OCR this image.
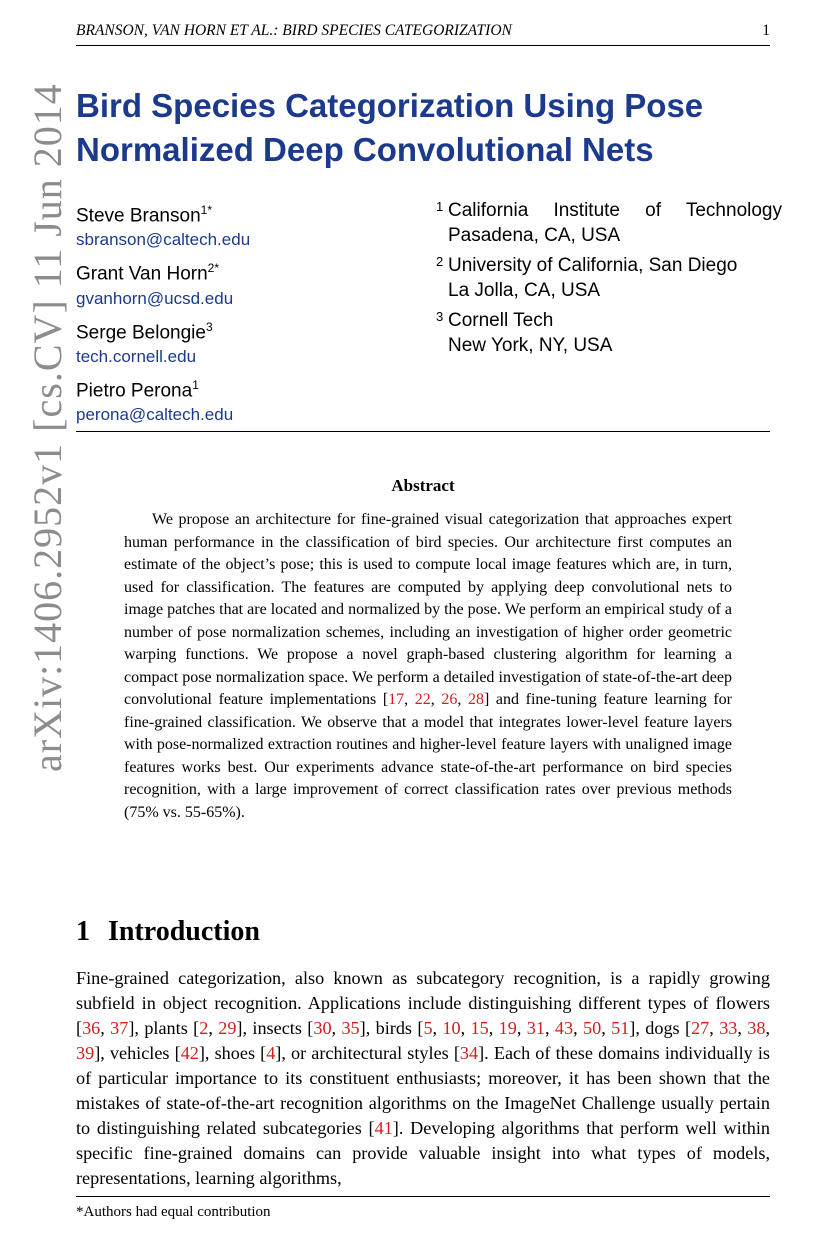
BRANSON, VAN HORN ET AL.: BIRD SPECIES CATEGORIZATION	1
arXiv:1406.2952v1 [cs.CV] 11 Jun 2014 Bird Species Categorization Using Pose
Normalized Deep Convolutional Nets
Steve Branson$^{1*}$
sbranson@caltech.edu
Grant Van Horn$^{2*}$
gvanhorn@ucsd.edu
Serge Belongie$^3$
tech.cornell.edu
Pietro Perona$^1$
perona@caltech.edu
1 California Institute of Technology
Pasadena, CA, USA
2 University of California, San Diego
La Jolla, CA, USA
3 Cornell Tech
New York, NY, USA
Abstract

We propose an architecture for fine-grained visual categorization that approaches expert human performance in the classification of bird species. Our architecture first computes an estimate of the object’s pose; this is used to compute local image features which are, in turn, used for classification. The features are computed by applying deep convolutional nets to image patches that are located and normalized by the pose. We perform an empirical study of a number of pose normalization schemes, including an investigation of higher order geometric warping functions. We propose a novel graph-based clustering algorithm for learning a compact pose normalization space. We perform a detailed investigation of state-of-the-art deep convolutional feature implementations [17, 22, 26, 28] and fine-tuning feature learning for fine-grained classification. We observe that a model that integrates lower-level feature layers with pose-normalized extraction routines and higher-level feature layers with unaligned image features works best. Our experiments advance state-of-the-art performance on bird species recognition, with a large improvement of correct classification rates over previous methods (75% vs. 55-65%).

1 Introduction

Fine-grained categorization, also known as subcategory recognition, is a rapidly growing subfield in object recognition. Applications include distinguishing different types of flowers [36, 37], plants [2, 29], insects [30, 35], birds [5, 10, 15, 19, 31, 43, 50, 51], dogs [27, 33, 38, 39], vehicles [42], shoes [4], or architectural styles [34]. Each of these domains individually is of particular importance to its constituent enthusiasts; moreover, it has been shown that the mistakes of state-of-the-art recognition algorithms on the ImageNet Challenge usually pertain to distinguishing related subcategories [41]. Developing algorithms that perform well within specific fine-grained domains can provide valuable insight into what types of models, representations, learning algorithms,

*Authors had equal contribution
